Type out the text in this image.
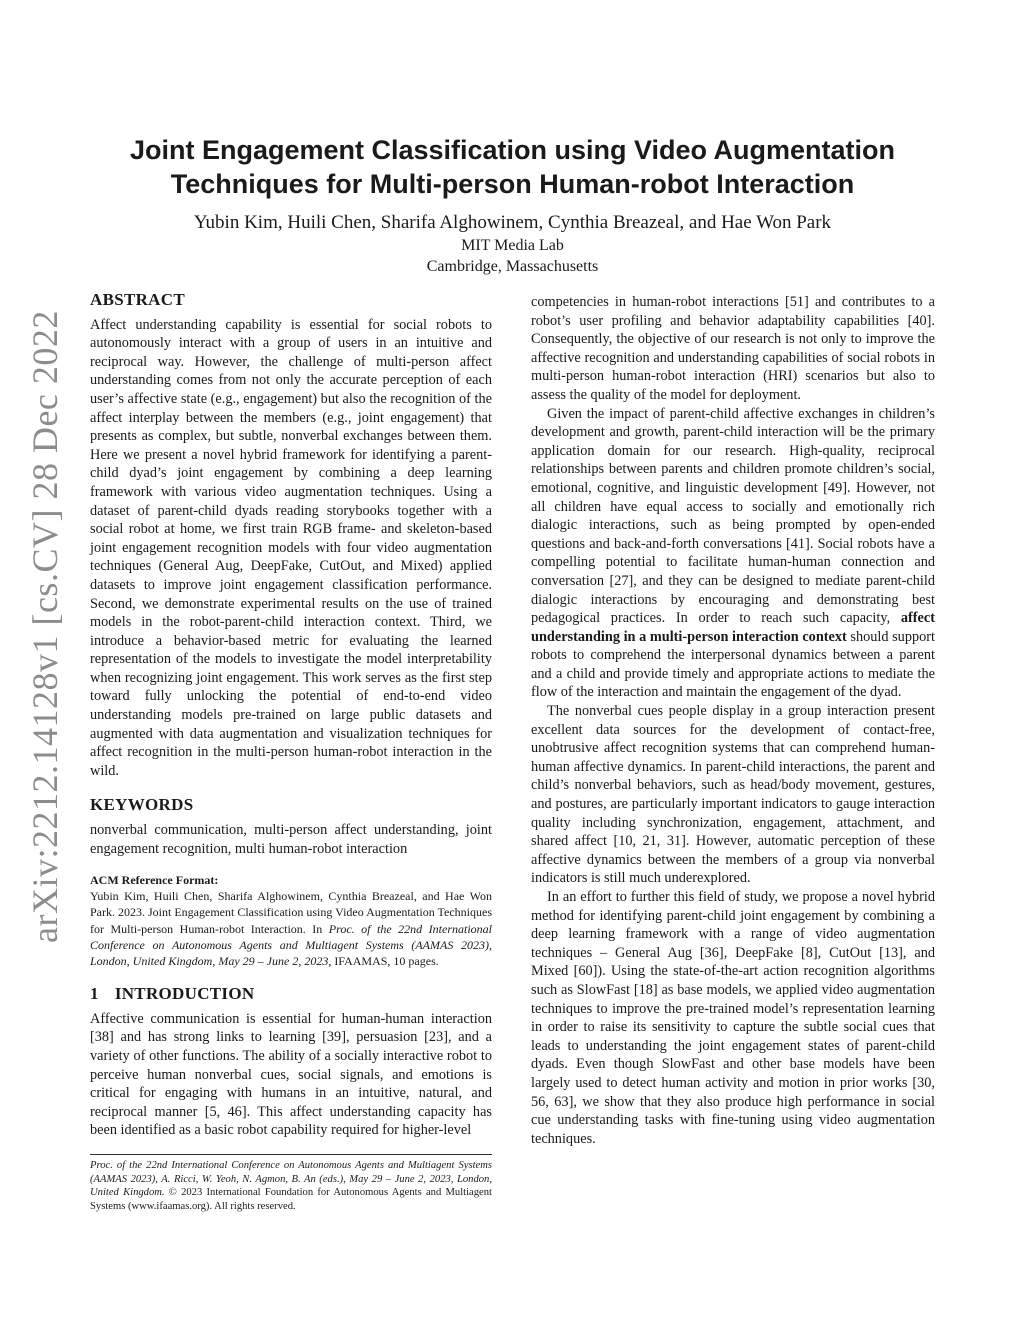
arXiv:2212.14128v1 [cs.CV] 28 Dec 2022
Joint Engagement Classification using Video Augmentation
Techniques for Multi-person Human-robot Interaction
Yubin Kim, Huili Chen, Sharifa Alghowinem, Cynthia Breazeal, and Hae Won Park
MIT Media Lab
Cambridge, Massachusetts
ABSTRACT

Affect understanding capability is essential for social robots to autonomously interact with a group of users in an intuitive and reciprocal way. However, the challenge of multi-person affect understanding comes from not only the accurate perception of each user’s affective state (e.g., engagement) but also the recognition of the affect interplay between the members (e.g., joint engagement) that presents as complex, but subtle, nonverbal exchanges between them. Here we present a novel hybrid framework for identifying a parent-child dyad’s joint engagement by combining a deep learning framework with various video augmentation techniques. Using a dataset of parent-child dyads reading storybooks together with a social robot at home, we first train RGB frame- and skeleton-based joint engagement recognition models with four video augmentation techniques (General Aug, DeepFake, CutOut, and Mixed) applied datasets to improve joint engagement classification performance. Second, we demonstrate experimental results on the use of trained models in the robot-parent-child interaction context. Third, we introduce a behavior-based metric for evaluating the learned representation of the models to investigate the model interpretability when recognizing joint engagement. This work serves as the first step toward fully unlocking the potential of end-to-end video understanding models pre-trained on large public datasets and augmented with data augmentation and visualization techniques for affect recognition in the multi-person human-robot interaction in the wild.

KEYWORDS

nonverbal communication, multi-person affect understanding, joint engagement recognition, multi human-robot interaction

ACM Reference Format:
Yubin Kim, Huili Chen, Sharifa Alghowinem, Cynthia Breazeal, and Hae Won Park. 2023. Joint Engagement Classification using Video Augmentation Techniques for Multi-person Human-robot Interaction. In Proc. of the 22nd International Conference on Autonomous Agents and Multiagent Systems (AAMAS 2023), London, United Kingdom, May 29 – June 2, 2023, IFAAMAS, 10 pages.
1 INTRODUCTION

Affective communication is essential for human-human interaction [38] and has strong links to learning [39], persuasion [23], and a variety of other functions. The ability of a socially interactive robot to perceive human nonverbal cues, social signals, and emotions is critical for engaging with humans in an intuitive, natural, and reciprocal manner [5, 46]. This affect understanding capacity has been identified as a basic robot capability required for higher-level

Proc. of the 22nd International Conference on Autonomous Agents and Multiagent Systems (AAMAS 2023), A. Ricci, W. Yeoh, N. Agmon, B. An (eds.), May 29 – June 2, 2023, London, United Kingdom. © 2023 International Foundation for Autonomous Agents and Multiagent Systems (www.ifaamas.org). All rights reserved.

competencies in human-robot interactions [51] and contributes to a robot’s user profiling and behavior adaptability capabilities [40]. Consequently, the objective of our research is not only to improve the affective recognition and understanding capabilities of social robots in multi-person human-robot interaction (HRI) scenarios but also to assess the quality of the model for deployment.

Given the impact of parent-child affective exchanges in children’s development and growth, parent-child interaction will be the primary application domain for our research. High-quality, reciprocal relationships between parents and children promote children’s social, emotional, cognitive, and linguistic development [49]. However, not all children have equal access to socially and emotionally rich dialogic interactions, such as being prompted by open-ended questions and back-and-forth conversations [41]. Social robots have a compelling potential to facilitate human-human connection and conversation [27], and they can be designed to mediate parent-child dialogic interactions by encouraging and demonstrating best pedagogical practices. In order to reach such capacity, affect understanding in a multi-person interaction context should support robots to comprehend the interpersonal dynamics between a parent and a child and provide timely and appropriate actions to mediate the flow of the interaction and maintain the engagement of the dyad.

The nonverbal cues people display in a group interaction present excellent data sources for the development of contact-free, unobtrusive affect recognition systems that can comprehend human-human affective dynamics. In parent-child interactions, the parent and child’s nonverbal behaviors, such as head/body movement, gestures, and postures, are particularly important indicators to gauge interaction quality including synchronization, engagement, attachment, and shared affect [10, 21, 31]. However, automatic perception of these affective dynamics between the members of a group via nonverbal indicators is still much underexplored.

In an effort to further this field of study, we propose a novel hybrid method for identifying parent-child joint engagement by combining a deep learning framework with a range of video augmentation techniques – General Aug [36], DeepFake [8], CutOut [13], and Mixed [60]). Using the state-of-the-art action recognition algorithms such as SlowFast [18] as base models, we applied video augmentation techniques to improve the pre-trained model’s representation learning in order to raise its sensitivity to capture the subtle social cues that leads to understanding the joint engagement states of parent-child dyads. Even though SlowFast and other base models have been largely used to detect human activity and motion in prior works [30, 56, 63], we show that they also produce high performance in social cue understanding tasks with fine-tuning using video augmentation techniques.
